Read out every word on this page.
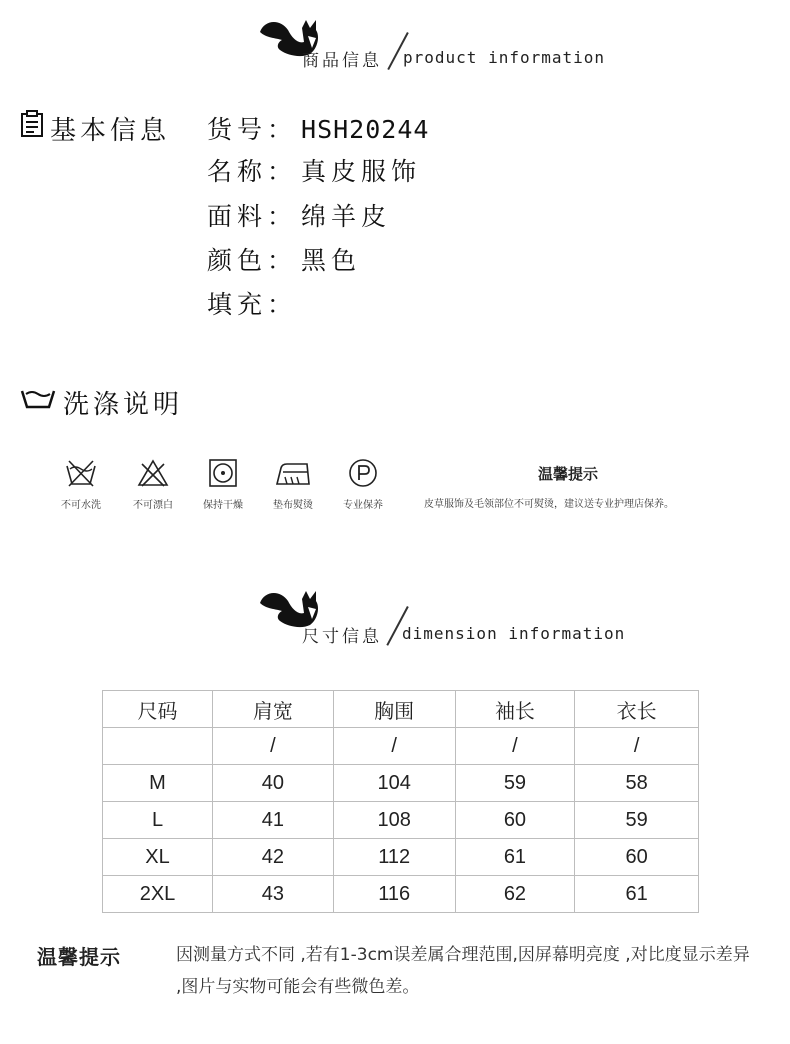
商品信息 product information
基本信息 货号： HSH20244
名称： 真皮服饰
面料： 绵羊皮
颜色： 黑色
填充：
洗涤说明
不可水洗	不可漂白	保持干燥	垫布熨烫	专业保养
温馨提示
皮草服饰及毛领部位不可熨烫，建议送专业护理店保养。
尺寸信息 dimension information
尺码	肩宽	胸围	袖长	衣长
	/	/	/	/
M	40	104	59	58
L	41	108	60	59
XL	42	112	61	60
2XL	43	116	62	61
温馨提示	因测量方式不同 ,若有1-3cm误差属合理范围,因屏幕明亮度 ,对比度显示差异 ,图片与实物可能会有些微色差。
